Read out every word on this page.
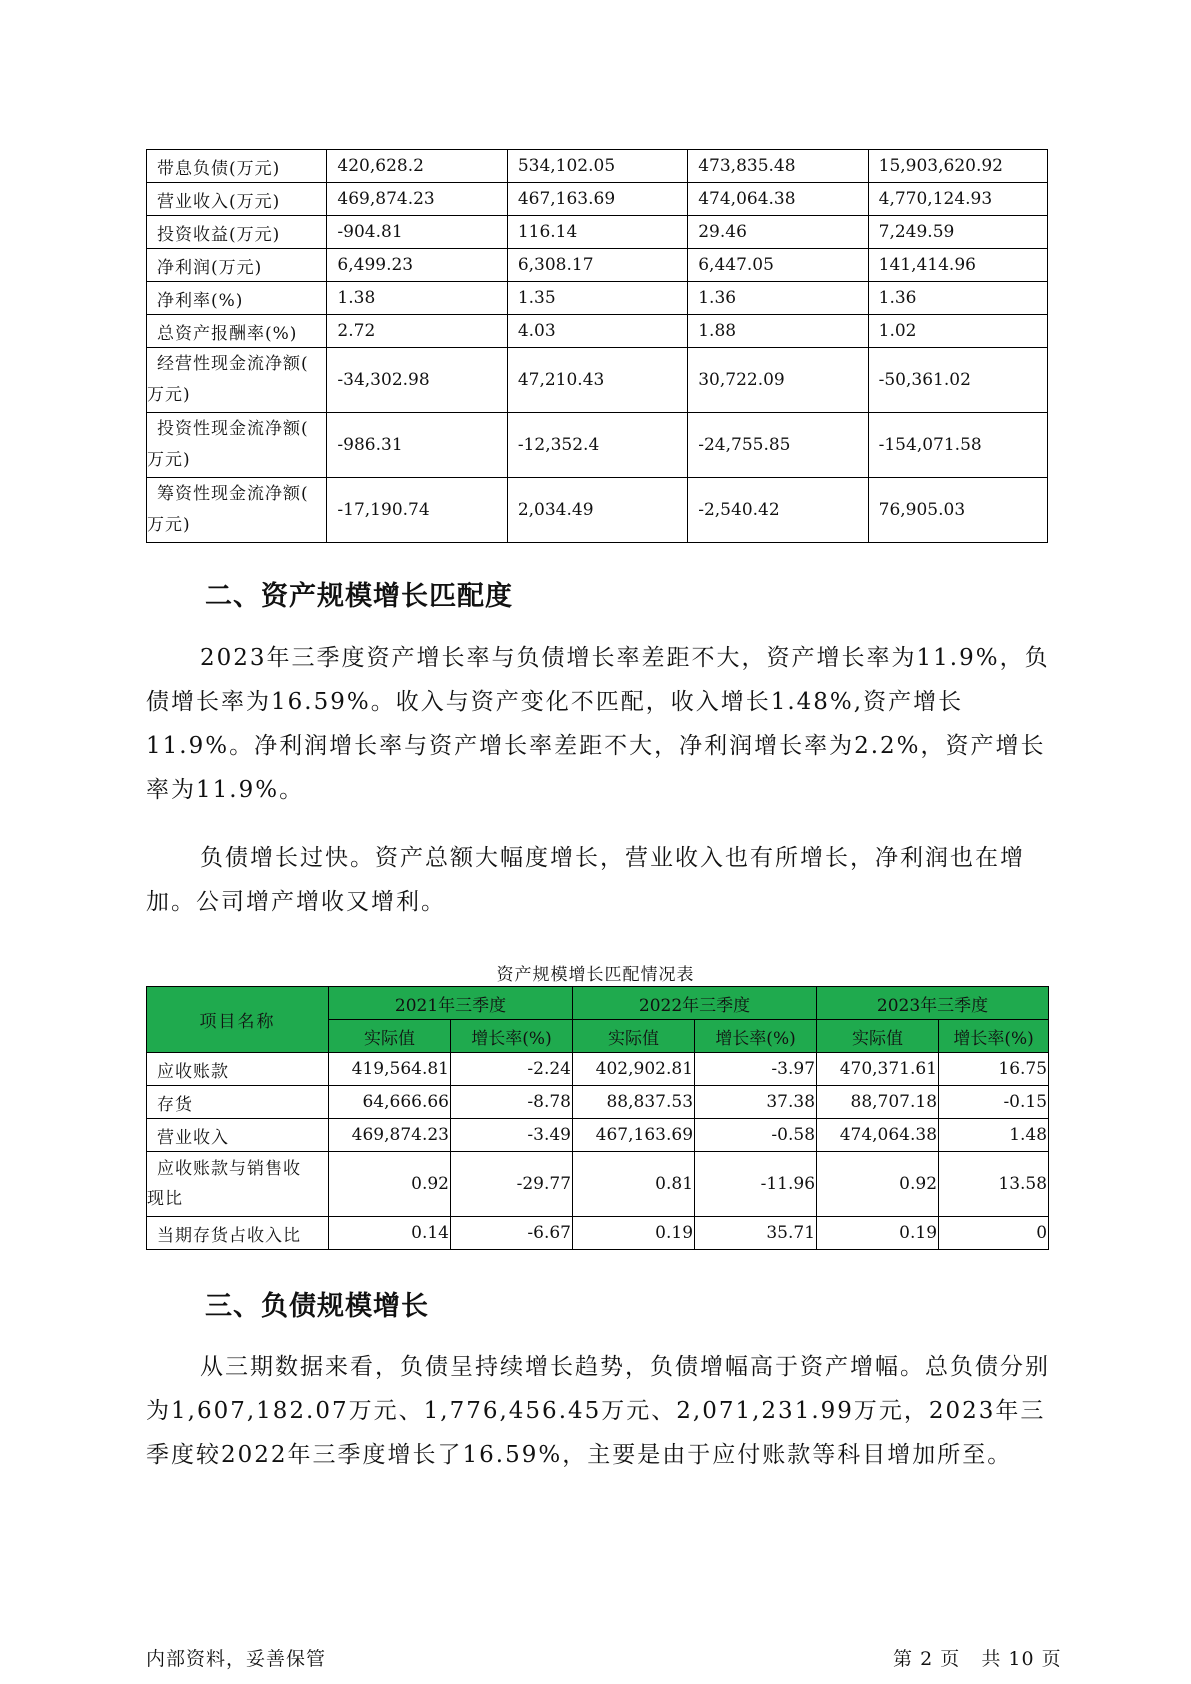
带息负债(万元)	420,628.2	534,102.05	473,835.48	15,903,620.92
营业收入(万元)	469,874.23	467,163.69	474,064.38	4,770,124.93
投资收益(万元)	-904.81	116.14	29.46	7,249.59
净利润(万元)	6,499.23	6,308.17	6,447.05	141,414.96
净利率(%)	1.38	1.35	1.36	1.36
总资产报酬率(%)	2.72	4.03	1.88	1.02

经营性现金流净额(
万元)	-34,302.98	47,210.43	30,722.09	-50,361.02

投资性现金流净额(
万元)	-986.31	-12,352.4	-24,755.85	-154,071.58

筹资性现金流净额(
万元)	-17,190.74	2,034.49	-2,540.42	76,905.03
二、资产规模增长匹配度

2023年三季度资产增长率与负债增长率差距不大，资产增长率为11.9%，负债增长率为16.59%。收入与资产变化不匹配，收入增长1.48%,资产增长11.9%。净利润增长率与资产增长率差距不大，净利润增长率为2.2%，资产增长率为11.9%。

负债增长过快。资产总额大幅度增长，营业收入也有所增长，净利润也在增加。公司增产增收又增利。

资产规模增长匹配情况表
项目名称	2021年三季度		2022年三季度		2023年三季度	
	实际值	增长率(%)	实际值	增长率(%)	实际值	增长率(%)
应收账款	419,564.81	-2.24	402,902.81	-3.97	470,371.61	16.75
存货	64,666.66	-8.78	88,837.53	37.38	88,707.18	-0.15
营业收入	469,874.23	-3.49	467,163.69	-0.58	474,064.38	1.48

应收账款与销售收
现比	0.92	-29.77	0.81	-11.96	0.92	13.58
当期存货占收入比	0.14	-6.67	0.19	35.71	0.19	0
三、负债规模增长

从三期数据来看，负债呈持续增长趋势，负债增幅高于资产增幅。总负债分别为1,607,182.07万元、1,776,456.45万元、2,071,231.99万元，2023年三季度较2022年三季度增长了16.59%，主要是由于应付账款等科目增加所至。

内部资料，妥善保管	第 2 页 共 10 页
